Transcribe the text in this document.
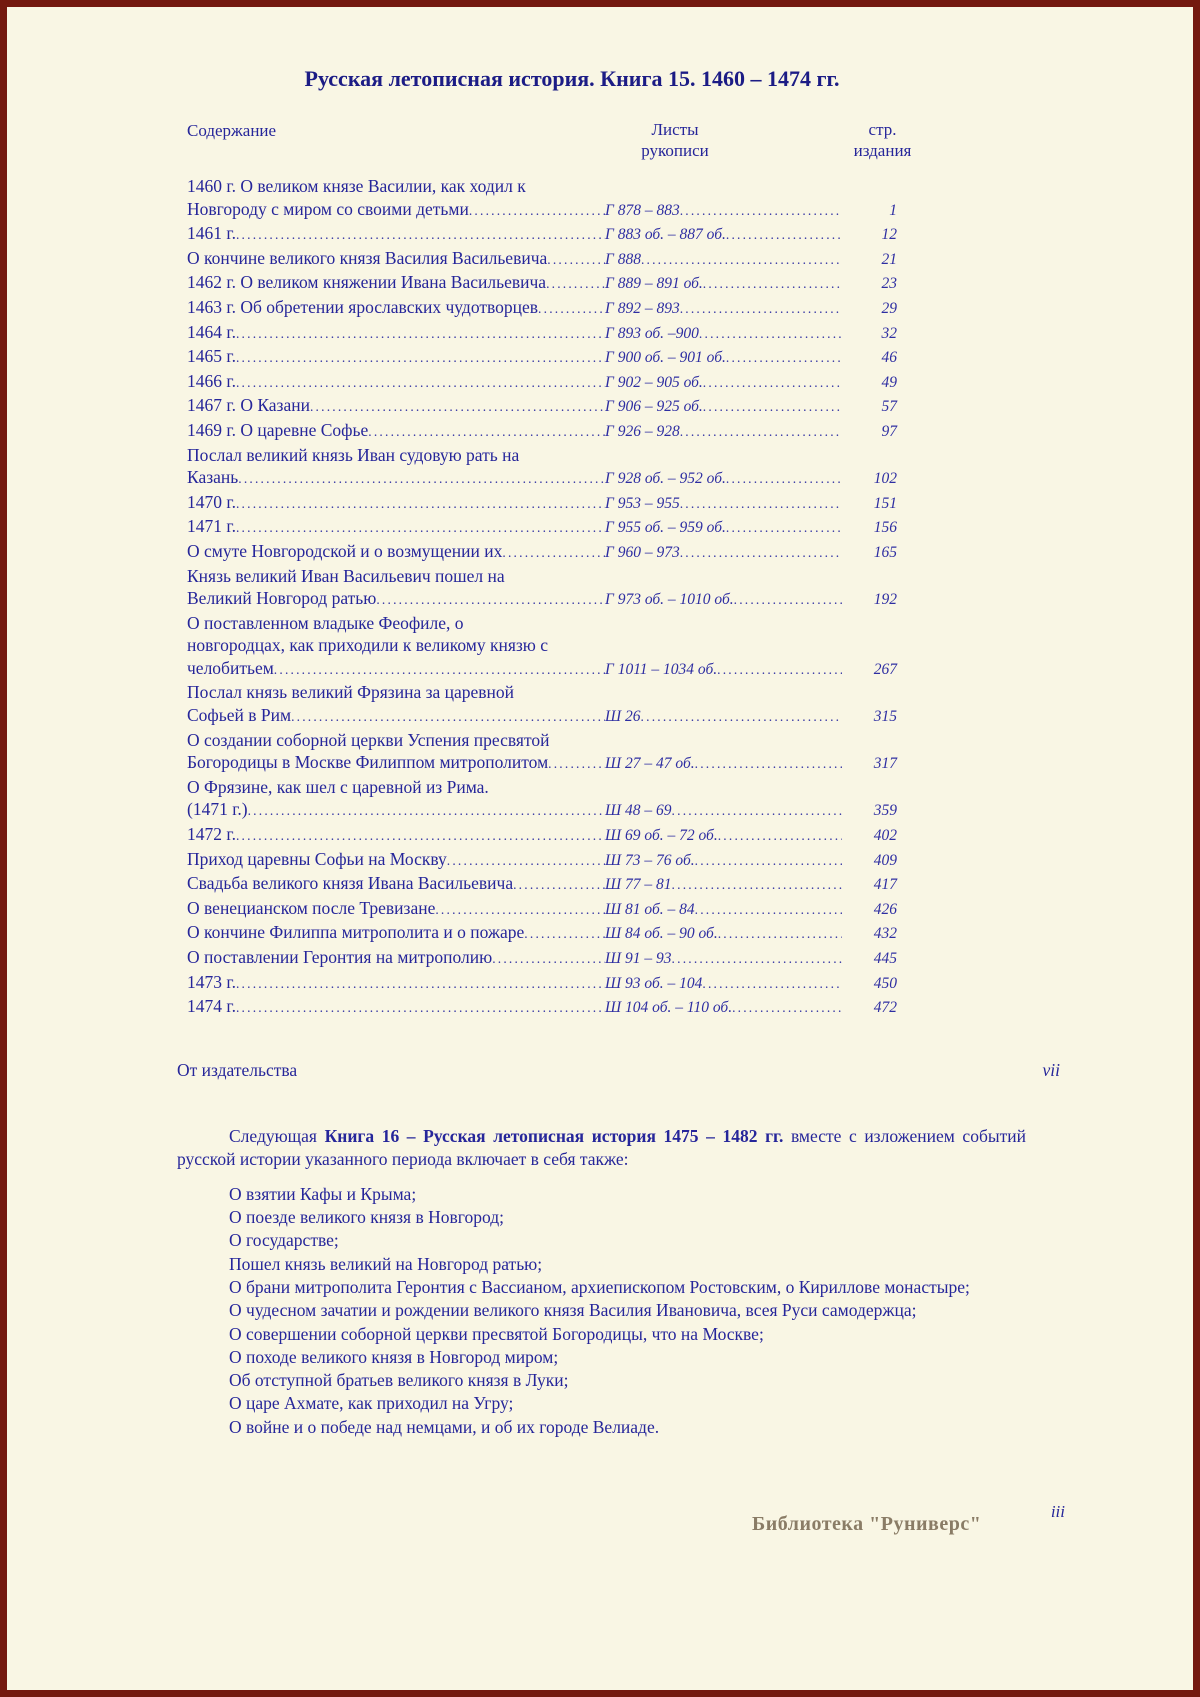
Русская летописная история. Книга 15. 1460 – 1474 гг.
Содержание	Листы
рукописи
стр.
издания
1460 г. О великом князе Василии, как ходил к
Новгороду с миром со своими детьми .....	Г 878 – 883 .....	1
1461 г. .....	Г 883 об. – 887 об. .....	12
О кончине великого князя Василия Васильевича .....	Г 888 .....	21
1462 г. О великом княжении Ивана Васильевича .....	Г 889 – 891 об. .....	23
1463 г. Об обретении ярославских чудотворцев .....	Г 892 – 893 .....	29
1464 г. .....	Г 893 об. –900 .....	32
1465 г. .....	Г 900 об. – 901 об. .....	46
1466 г. .....	Г 902 – 905 об. .....	49
1467 г. О Казани .....	Г 906 – 925 об. .....	57
1469 г. О царевне Софье .....	Г 926 – 928 .....	97
Послал великий князь Иван судовую рать на
Казань .....	Г 928 об. – 952 об. .....	102
1470 г. .....	Г 953 – 955 .....	151
1471 г. .....	Г 955 об. – 959 об. .....	156
О смуте Новгородской и о возмущении их .....	Г 960 – 973 .....	165
Князь великий Иван Васильевич пошел на
Великий Новгород ратью .....	Г 973 об. – 1010 об. .....	192
О поставленном владыке Феофиле, о
новгородцах, как приходили к великому князю с
челобитьем .....	Г 1011 – 1034 об. .....	267
Послал князь великий Фрязина за царевной
Софьей в Рим .....	Ш 26 .....	315
О создании соборной церкви Успения пресвятой
Богородицы в Москве Филиппом митрополитом .....	Ш 27 – 47 об. .....	317
О Фрязине, как шел с царевной из Рима.
(1471 г.) .....	Ш 48 – 69 .....	359
1472 г. .....	Ш 69 об. – 72 об. .....	402
Приход царевны Софьи на Москву .....	Ш 73 – 76 об. .....	409
Свадьба великого князя Ивана Васильевича .....	Ш 77 – 81 .....	417
О венецианском после Тревизане .....	Ш 81 об. – 84 .....	426
О кончине Филиппа митрополита и о пожаре .....	Ш 84 об. – 90 об. .....	432
О поставлении Геронтия на митрополию .....	Ш 91 – 93 .....	445
1473 г. .....	Ш 93 об. – 104 .....	450
1474 г. .....	Ш 104 об. – 110 об. .....	472
От издательства	vii

Следующая Книга 16 – Русская летописная история 1475 – 1482 гг. вместе с изложением событий русской истории указанного периода включает в себя также:

О взятии Кафы и Крыма;
О поезде великого князя в Новгород;
О государстве;
Пошел князь великий на Новгород ратью;
О брани митрополита Геронтия с Вассианом, архиепископом Ростовским, о Кириллове монастыре;
О чудесном зачатии и рождении великого князя Василия Ивановича, всея Руси самодержца;
О совершении соборной церкви пресвятой Богородицы, что на Москве;
О походе великого князя в Новгород миром;
Об отступной братьев великого князя в Луки;
О царе Ахмате, как приходил на Угру;
О войне и о победе над немцами, и об их городе Велиаде.
Библиотека "Руниверс"
iii
